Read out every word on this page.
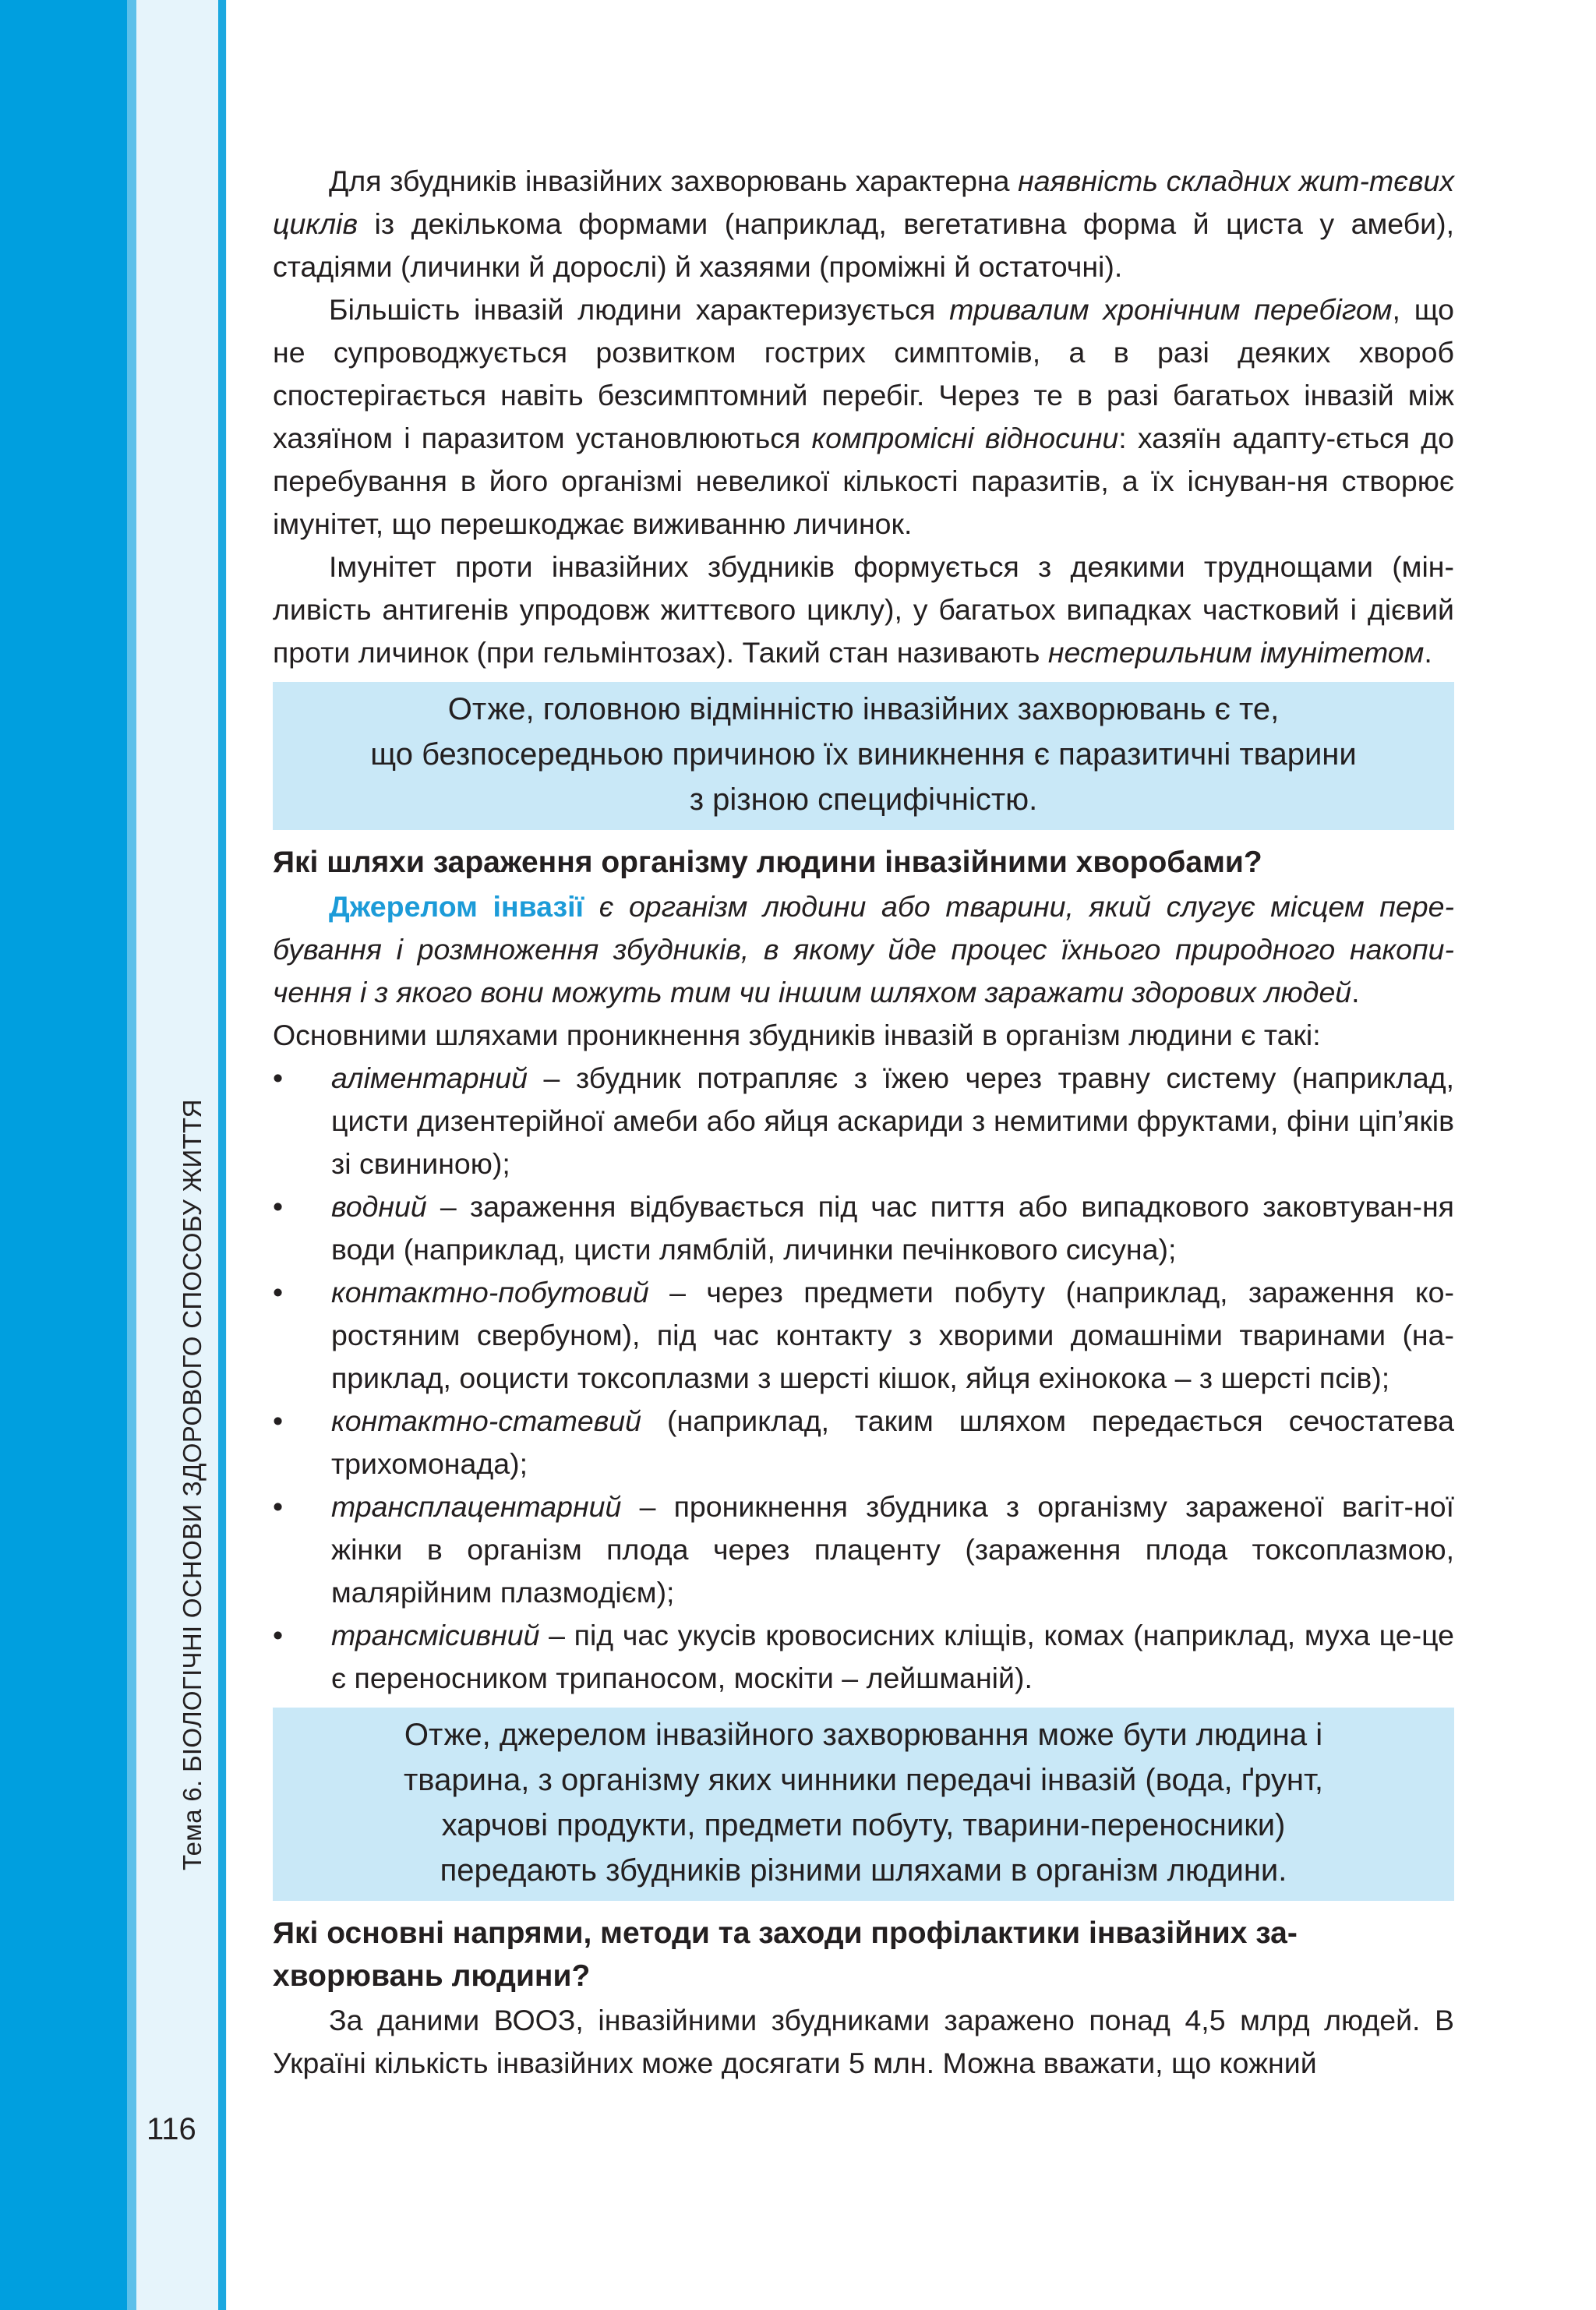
Тема 6. БІОЛОГІЧНІ ОСНОВИ ЗДОРОВОГО СПОСОБУ ЖИТТЯ
116

Для збудників інвазійних захворювань характерна наявність складних жит-тєвих циклів із декількома формами (наприклад, вегетативна форма й циста у амеби), стадіями (личинки й дорослі) й хазяями (проміжні й остаточні).

Більшість інвазій людини характеризується тривалим хронічним перебігом, що не супроводжується розвитком гострих симптомів, а в разі деяких хвороб спостерігається навіть безсимптомний перебіг. Через те в разі багатьох інвазій між хазяїном і паразитом установлюються компромісні відносини: хазяїн адапту-ється до перебування в його організмі невеликої кількості паразитів, а їх існуван-ня створює імунітет, що перешкоджає виживанню личинок.

Імунітет проти інвазійних збудників формується з деякими труднощами (мін-ливість антигенів упродовж життєвого циклу), у багатьох випадках частковий і дієвий проти личинок (при гельмінтозах). Такий стан називають нестерильним імунітетом.

Отже, головною відмінністю інвазійних захворювань є те,
що безпосередньою причиною їх виникнення є паразитичні тварини
з різною специфічністю.
Які шляхи зараження організму людини інвазійними хворобами?

Джерелом інвазії є організм людини або тварини, який слугує місцем пере-бування і розмноження збудників, в якому йде процес їхнього природного накопи-чення і з якого вони можуть тим чи іншим шляхом заражати здорових людей.

Основними шляхами проникнення збудників інвазій в організм людини є такі:

• аліментарний – збудник потрапляє з їжею через травну систему (наприклад, цисти дизентерійної амеби або яйця аскариди з немитими фруктами, фіни ціп’яків зі свининою);
• водний – зараження відбувається під час пиття або випадкового заковтуван-ня води (наприклад, цисти лямблій, личинки печінкового сисуна);
• контактно-побутовий – через предмети побуту (наприклад, зараження ко-ростяним свербуном), під час контакту з хворими домашніми тваринами (на-приклад, ооцисти токсоплазми з шерсті кішок, яйця ехінокока – з шерсті псів);
• контактно-статевий (наприклад, таким шляхом передається сечостатева трихомонада);
• трансплацентарний – проникнення збудника з організму зараженої вагіт-ної жінки в організм плода через плаценту (зараження плода токсоплазмою, малярійним плазмодієм);
• трансмісивний – під час укусів кровосисних кліщів, комах (наприклад, муха це-це є переносником трипаносом, москіти – лейшманій).
Отже, джерелом інвазійного захворювання може бути людина і
тварина, з організму яких чинники передачі інвазій (вода, ґрунт,
харчові продукти, предмети побуту, тварини-переносники)
передають збудників різними шляхами в організм людини.
Які основні напрями, методи та заходи профілактики інвазійних за-
хворювань людини?

За даними ВООЗ, інвазійними збудниками заражено понад 4,5 млрд людей. В Україні кількість інвазійних може досягати 5 млн. Можна вважати, що кожний
